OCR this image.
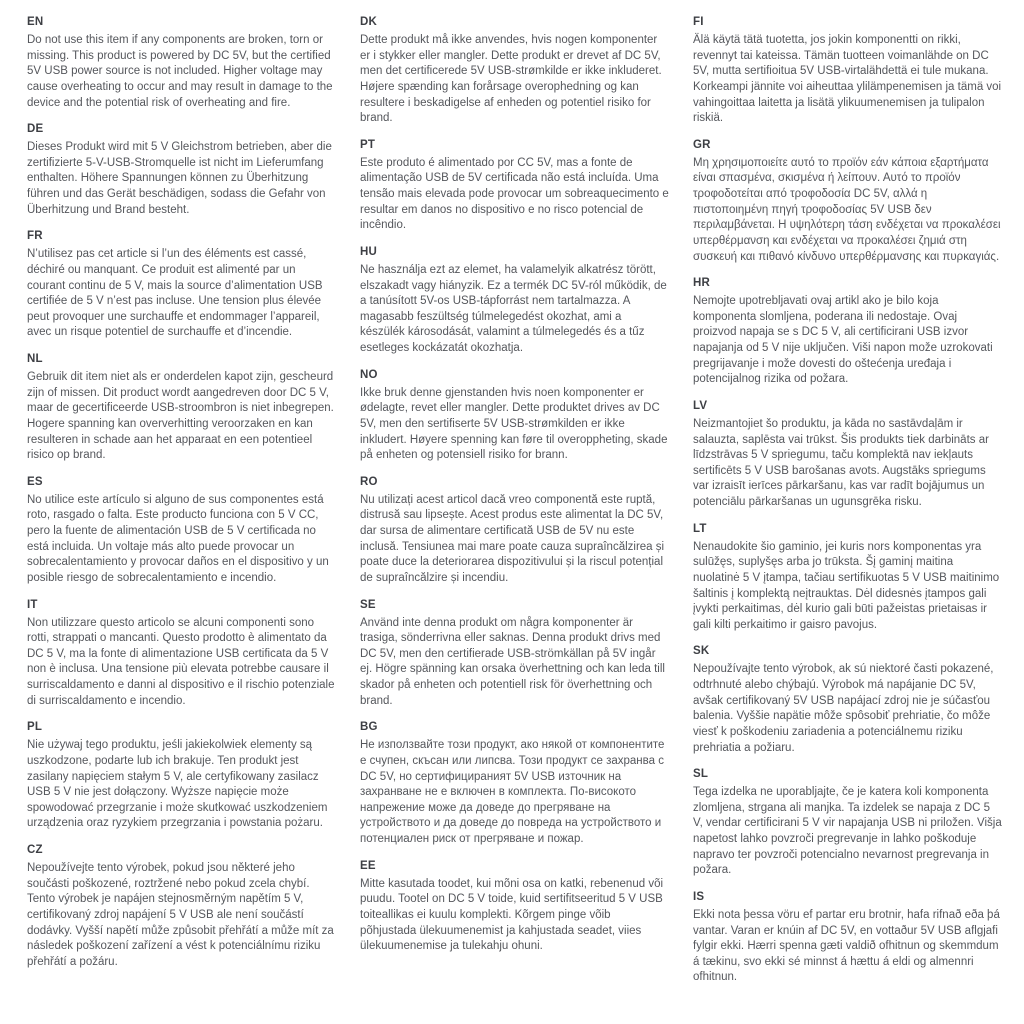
EN

Do not use this item if any components are broken, torn or missing. This product is powered by DC 5V, but the certified 5V USB power source is not included. Higher voltage may cause overheating to occur and may result in damage to the device and the potential risk of overheating and fire.

DE

Dieses Produkt wird mit 5 V Gleichstrom betrieben, aber die zertifizierte 5-V-USB-Stromquelle ist nicht im Lieferumfang enthalten. Höhere Spannungen können zu Überhitzung führen und das Gerät beschädigen, sodass die Gefahr von Überhitzung und Brand besteht.

FR

N’utilisez pas cet article si l’un des éléments est cassé, déchiré ou manquant. Ce produit est alimenté par un courant continu de 5 V, mais la source d’alimentation USB certifiée de 5 V n’est pas incluse. Une tension plus élevée peut provoquer une surchauffe et endommager l’appareil, avec un risque potentiel de surchauffe et d’incendie.

NL

Gebruik dit item niet als er onderdelen kapot zijn, gescheurd zijn of missen. Dit product wordt aangedreven door DC 5 V, maar de gecertificeerde USB-stroombron is niet inbegrepen. Hogere spanning kan oververhitting veroorzaken en kan resulteren in schade aan het apparaat en een potentieel risico op brand.

ES

No utilice este artículo si alguno de sus componentes está roto, rasgado o falta. Este producto funciona con 5 V CC, pero la fuente de alimentación USB de 5 V certificada no está incluida. Un voltaje más alto puede provocar un sobrecalentamiento y provocar daños en el dispositivo y un posible riesgo de sobrecalentamiento e incendio.

IT

Non utilizzare questo articolo se alcuni componenti sono rotti, strappati o mancanti. Questo prodotto è alimentato da DC 5 V, ma la fonte di alimentazione USB certificata da 5 V non è inclusa. Una tensione più elevata potrebbe causare il surriscaldamento e danni al dispositivo e il rischio potenziale di surriscaldamento e incendio.

PL

Nie używaj tego produktu, jeśli jakiekolwiek elementy są uszkodzone, podarte lub ich brakuje. Ten produkt jest zasilany napięciem stałym 5 V, ale certyfikowany zasilacz USB 5 V nie jest dołączony. Wyższe napięcie może spowodować przegrzanie i może skutkować uszkodzeniem urządzenia oraz ryzykiem przegrzania i powstania pożaru.

CZ

Nepoužívejte tento výrobek, pokud jsou některé jeho součásti poškozené, roztržené nebo pokud zcela chybí. Tento výrobek je napájen stejnosměrným napětím 5 V, certifikovaný zdroj napájení 5 V USB ale není součástí dodávky. Vyšší napětí může způsobit přehřátí a může mít za následek poškození zařízení a vést k potenciálnímu riziku přehřátí a požáru.

DK

Dette produkt må ikke anvendes, hvis nogen komponenter er i stykker eller mangler. Dette produkt er drevet af DC 5V, men det certificerede 5V USB-strømkilde er ikke inkluderet. Højere spænding kan forårsage overophedning og kan resultere i beskadigelse af enheden og potentiel risiko for brand.

PT

Este produto é alimentado por CC 5V, mas a fonte de alimentação USB de 5V certificada não está incluída. Uma tensão mais elevada pode provocar um sobreaquecimento e resultar em danos no dispositivo e no risco potencial de incêndio.

HU

Ne használja ezt az elemet, ha valamelyik alkatrész törött, elszakadt vagy hiányzik. Ez a termék DC 5V-ról működik, de a tanúsított 5V-os USB-tápforrást nem tartalmazza. A magasabb feszültség túlmelegedést okozhat, ami a készülék károsodását, valamint a túlmelegedés és a tűz esetleges kockázatát okozhatja.

NO

Ikke bruk denne gjenstanden hvis noen komponenter er ødelagte, revet eller mangler. Dette produktet drives av DC 5V, men den sertifiserte 5V USB-strømkilden er ikke inkludert. Høyere spenning kan føre til overoppheting, skade på enheten og potensiell risiko for brann.

RO

Nu utilizați acest articol dacă vreo componentă este ruptă, distrusă sau lipsește. Acest produs este alimentat la DC 5V, dar sursa de alimentare certificată USB de 5V nu este inclusă. Tensiunea mai mare poate cauza supraîncălzirea și poate duce la deteriorarea dispozitivului și la riscul potențial de supraîncălzire și incendiu.

SE

Använd inte denna produkt om några komponenter är trasiga, sönderrivna eller saknas. Denna produkt drivs med DC 5V, men den certifierade USB-strömkällan på 5V ingår ej. Högre spänning kan orsaka överhettning och kan leda till skador på enheten och potentiell risk för överhettning och brand.

BG

Не използвайте този продукт, ако някой от компонентите е счупен, скъсан или липсва. Този продукт се захранва с DC 5V, но сертифицираният 5V USB източник на захранване не е включен в комплекта. По-високото напрежение може да доведе до прегряване на устройството и да доведе до повреда на устройството и потенциален риск от прегряване и пожар.

EE

Mitte kasutada toodet, kui mõni osa on katki, rebenenud või puudu. Tootel on DC 5 V toide, kuid sertifitseeritud 5 V USB toiteallikas ei kuulu komplekti. Kõrgem pinge võib põhjustada ülekuumenemist ja kahjustada seadet, viies ülekuumenemise ja tulekahju ohuni.

FI

Älä käytä tätä tuotetta, jos jokin komponentti on rikki, revennyt tai kateissa. Tämän tuotteen voimanlähde on DC 5V, mutta sertifioitua 5V USB-virtalähdettä ei tule mukana. Korkeampi jännite voi aiheuttaa ylilämpenemisen ja tämä voi vahingoittaa laitetta ja lisätä ylikuumenemisen ja tulipalon riskiä.

GR

Μη χρησιμοποιείτε αυτό το προϊόν εάν κάποια εξαρτήματα είναι σπασμένα, σκισμένα ή λείπουν. Αυτό το προϊόν τροφοδοτείται από τροφοδοσία DC 5V, αλλά η πιστοποιημένη πηγή τροφοδοσίας 5V USB δεν περιλαμβάνεται. Η υψηλότερη τάση ενδέχεται να προκαλέσει υπερθέρμανση και ενδέχεται να προκαλέσει ζημιά στη συσκευή και πιθανό κίνδυνο υπερθέρμανσης και πυρκαγιάς.

HR

Nemojte upotrebljavati ovaj artikl ako je bilo koja komponenta slomljena, poderana ili nedostaje. Ovaj proizvod napaja se s DC 5 V, ali certificirani USB izvor napajanja od 5 V nije uključen. Viši napon može uzrokovati pregrijavanje i može dovesti do oštećenja uređaja i potencijalnog rizika od požara.

LV

Neizmantojiet šo produktu, ja kāda no sastāvdaļām ir salauzta, saplēsta vai trūkst. Šis produkts tiek darbināts ar līdzstrāvas 5 V spriegumu, taču komplektā nav iekļauts sertificēts 5 V USB barošanas avots. Augstāks spriegums var izraisīt ierīces pārkaršanu, kas var radīt bojājumus un potenciālu pārkaršanas un ugunsgrēka risku.

LT

Nenaudokite šio gaminio, jei kuris nors komponentas yra sulūžęs, suplyšęs arba jo trūksta. Šį gaminį maitina nuolatinė 5 V įtampa, tačiau sertifikuotas 5 V USB maitinimo šaltinis į komplektą neįtrauktas. Dėl didesnės įtampos gali įvykti perkaitimas, dėl kurio gali būti pažeistas prietaisas ir gali kilti perkaitimo ir gaisro pavojus.

SK

Nepoužívajte tento výrobok, ak sú niektoré časti pokazené, odtrhnuté alebo chýbajú. Výrobok má napájanie DC 5V, avšak certifikovaný 5V USB napájací zdroj nie je súčasťou balenia. Vyššie napätie môže spôsobiť prehriatie, čo môže viesť k poškodeniu zariadenia a potenciálnemu riziku prehriatia a požiaru.

SL

Tega izdelka ne uporabljajte, če je katera koli komponenta zlomljena, strgana ali manjka. Ta izdelek se napaja z DC 5 V, vendar certificirani 5 V vir napajanja USB ni priložen. Višja napetost lahko povzroči pregrevanje in lahko poškoduje napravo ter povzroči potencialno nevarnost pregrevanja in požara.

IS

Ekki nota þessa vöru ef partar eru brotnir, hafa rifnað eða þá vantar. Varan er knúin af DC 5V, en vottaður 5V USB aflgjafi fylgir ekki. Hærri spenna gæti valdið ofhitnun og skemmdum á tækinu, svo ekki sé minnst á hættu á eldi og almennri ofhitnun.
